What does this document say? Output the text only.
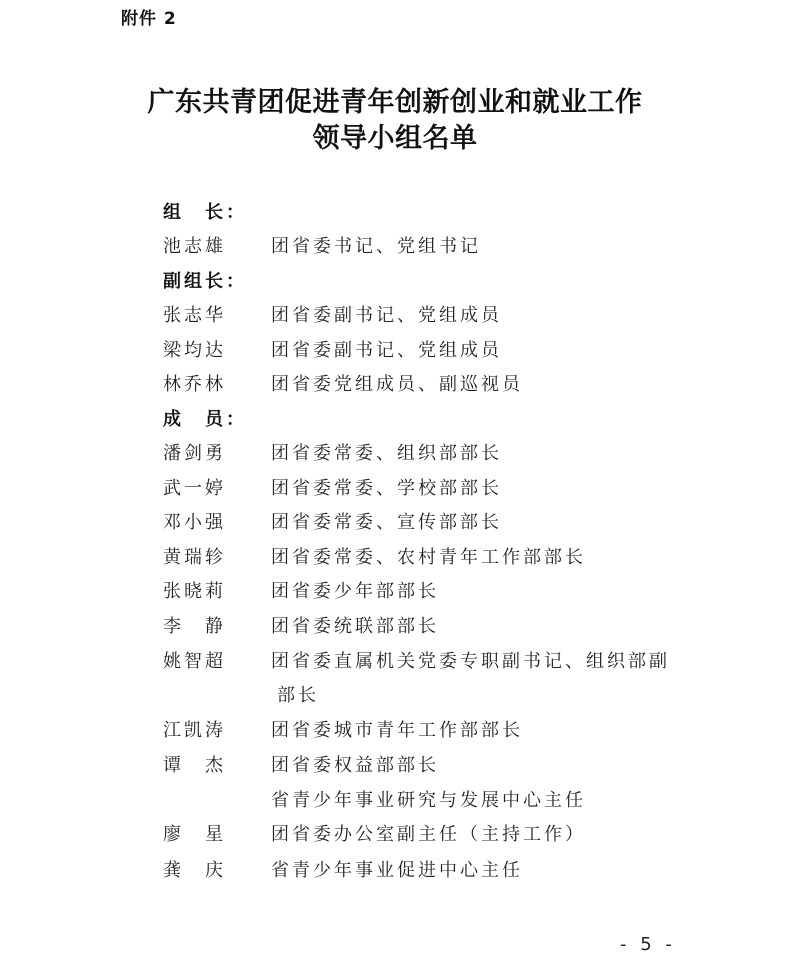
附件 2
广东共青团促进青年创新创业和就业工作
领导小组名单
组　长：
池志雄	团省委书记、党组书记
副组长：
张志华	团省委副书记、党组成员
梁均达	团省委副书记、党组成员
林乔林	团省委党组成员、副巡视员
成　员：
潘剑勇	团省委常委、组织部部长
武一婷	团省委常委、学校部部长
邓小强	团省委常委、宣传部部长
黄瑞轸	团省委常委、农村青年工作部部长
张晓莉	团省委少年部部长
李　静	团省委统联部部长
姚智超	团省委直属机关党委专职副书记、组织部副
部长
江凯涛	团省委城市青年工作部部长
谭　杰	团省委权益部部长
省青少年事业研究与发展中心主任
廖　星	团省委办公室副主任（主持工作）
龚　庆	省青少年事业促进中心主任
- 5 -
